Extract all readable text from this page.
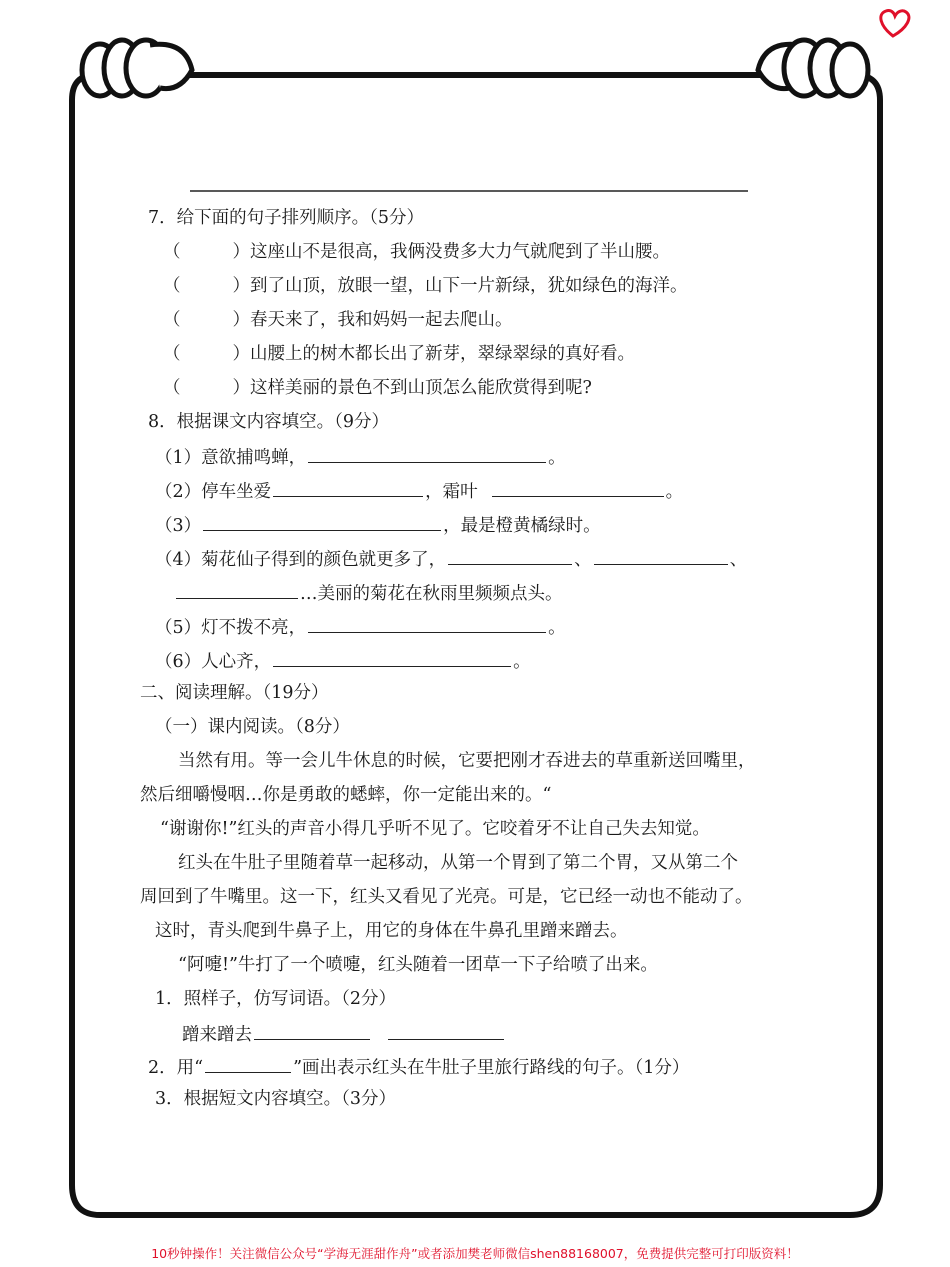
7．给下面的句子排列顺序。（5分）
（	）这座山不是很高，我俩没费多大力气就爬到了半山腰。
（	）到了山顶，放眼一望，山下一片新绿，犹如绿色的海洋。
（	）春天来了，我和妈妈一起去爬山。
（	）山腰上的树木都长出了新芽，翠绿翠绿的真好看。
（	）这样美丽的景色不到山顶怎么能欣赏得到呢?
8．根据课文内容填空。（9分）
（1）意欲捕鸣蝉，	。
（2）停车坐爱	，霜叶	。
（3）	，最是橙黄橘绿时。
（4）菊花仙子得到的颜色就更多了，	、	、
…美丽的菊花在秋雨里频频点头。
（5）灯不拨不亮，	。
（6）人心齐，	。
二、阅读理解。（19分）
（一）课内阅读。（8分）
当然有用。等一会儿牛休息的时候，它要把刚才吞进去的草重新送回嘴里，
然后细嚼慢咽…你是勇敢的蟋蟀，你一定能出来的。“
“谢谢你!”红头的声音小得几乎听不见了。它咬着牙不让自己失去知觉。
红头在牛肚子里随着草一起移动，从第一个胃到了第二个胃，又从第二个
周回到了牛嘴里。这一下，红头又看见了光亮。可是，它已经一动也不能动了。
这时，青头爬到牛鼻子上，用它的身体在牛鼻孔里蹭来蹭去。
“阿嚏!”牛打了一个喷嚏，红头随着一团草一下子给喷了出来。
1．照样子，仿写词语。（2分）
蹭来蹭去
2．用“	”画出表示红头在牛肚子里旅行路线的句子。（1分）
3．根据短文内容填空。（3分）
10秒钟操作！关注微信公众号“学海无涯甜作舟”或者添加樊老师微信shen88168007，免费提供完整可打印版资料！
